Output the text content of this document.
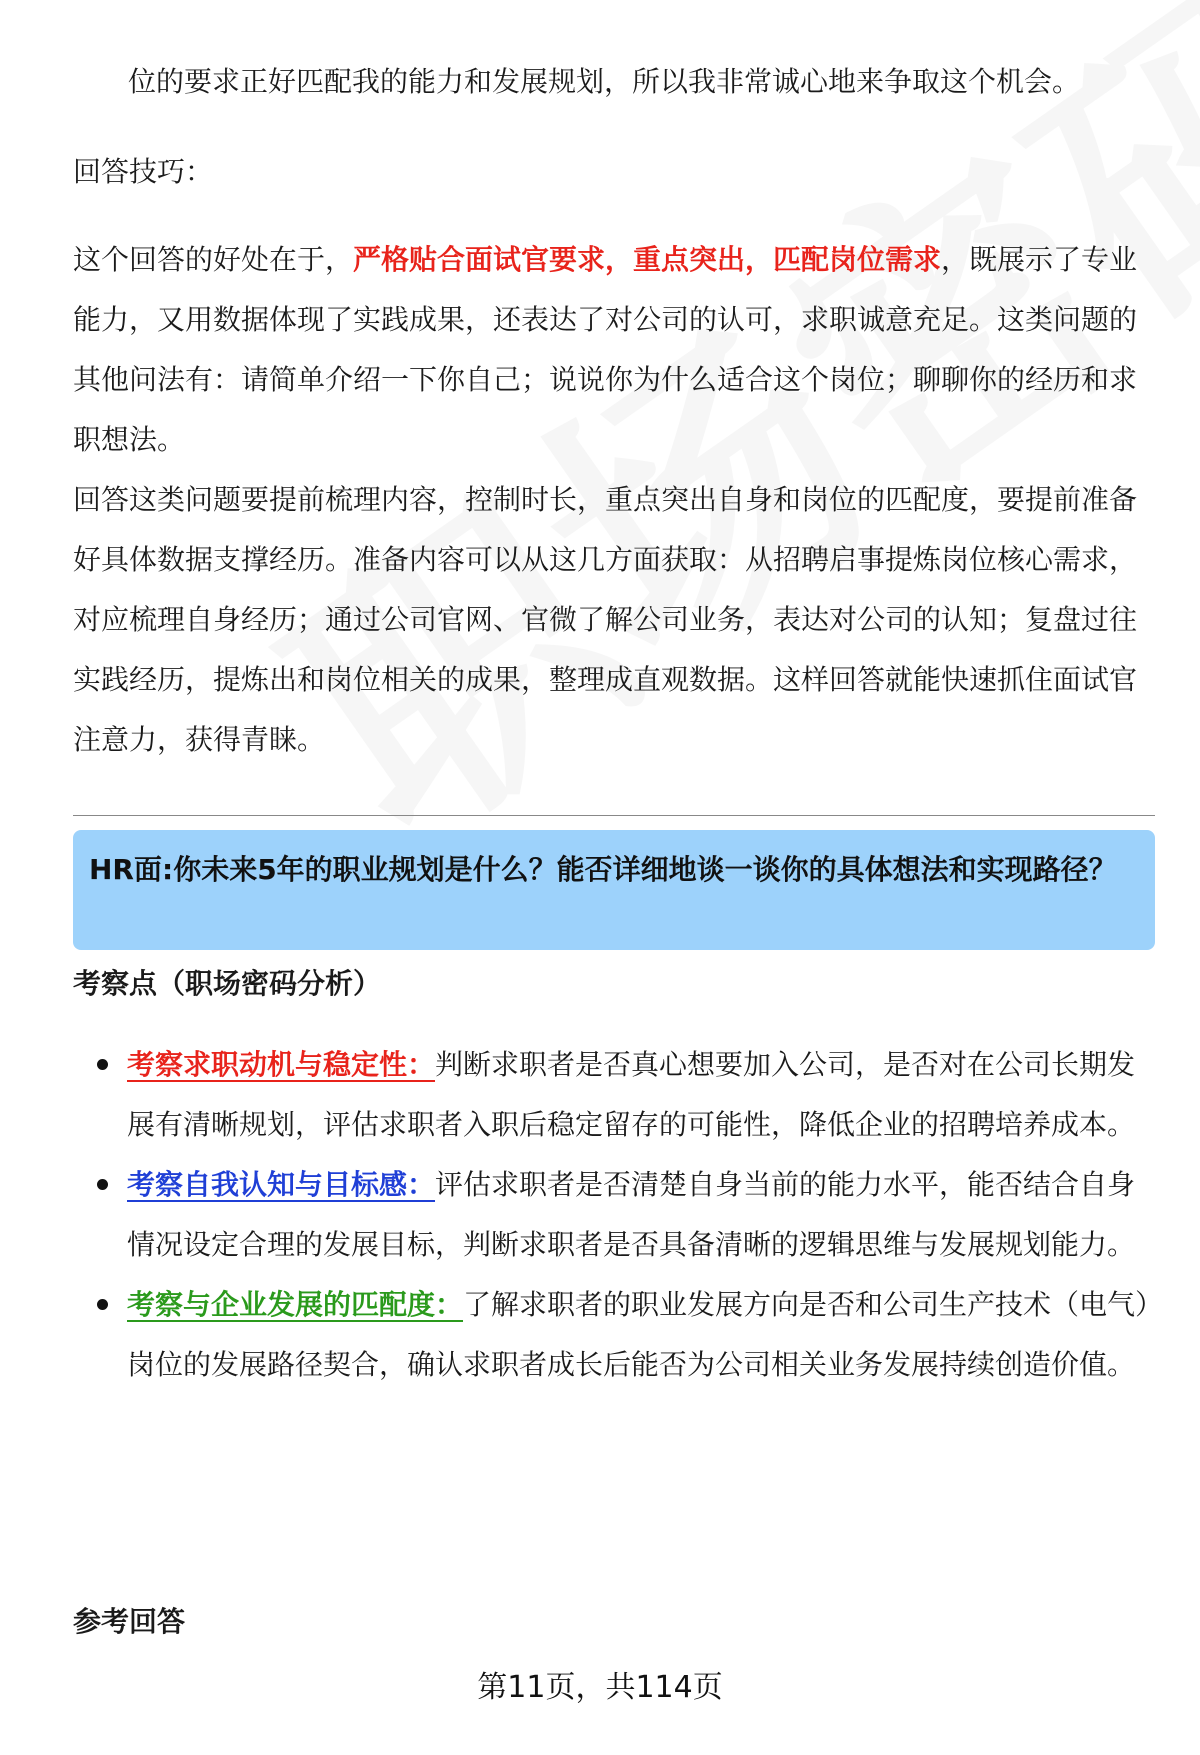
位的要求正好匹配我的能力和发展规划，所以我非常诚心地来争取这个机会。

回答技巧：

这个回答的好处在于，严格贴合面试官要求，重点突出，匹配岗位需求，既展示了专业能力，又用数据体现了实践成果，还表达了对公司的认可，求职诚意充足。这类问题的其他问法有：请简单介绍一下你自己；说说你为什么适合这个岗位；聊聊你的经历和求职想法。

回答这类问题要提前梳理内容，控制时长，重点突出自身和岗位的匹配度，要提前准备好具体数据支撑经历。准备内容可以从这几方面获取：从招聘启事提炼岗位核心需求，对应梳理自身经历；通过公司官网、官微了解公司业务，表达对公司的认知；复盘过往实践经历，提炼出和岗位相关的成果，整理成直观数据。这样回答就能快速抓住面试官注意力，获得青睐。

HR面:你未来5年的职业规划是什么？能否详细地谈一谈你的具体想法和实现路径？

考察点（职场密码分析）
考察求职动机与稳定性：判断求职者是否真心想要加入公司，是否对在公司长期发展有清晰规划，评估求职者入职后稳定留存的可能性，降低企业的招聘培养成本。
考察自我认知与目标感：评估求职者是否清楚自身当前的能力水平，能否结合自身情况设定合理的发展目标，判断求职者是否具备清晰的逻辑思维与发展规划能力。
考察与企业发展的匹配度：了解求职者的职业发展方向是否和公司生产技术（电气）岗位的发展路径契合，确认求职者成长后能否为公司相关业务发展持续创造价值。
参考回答
第11页，共114页
